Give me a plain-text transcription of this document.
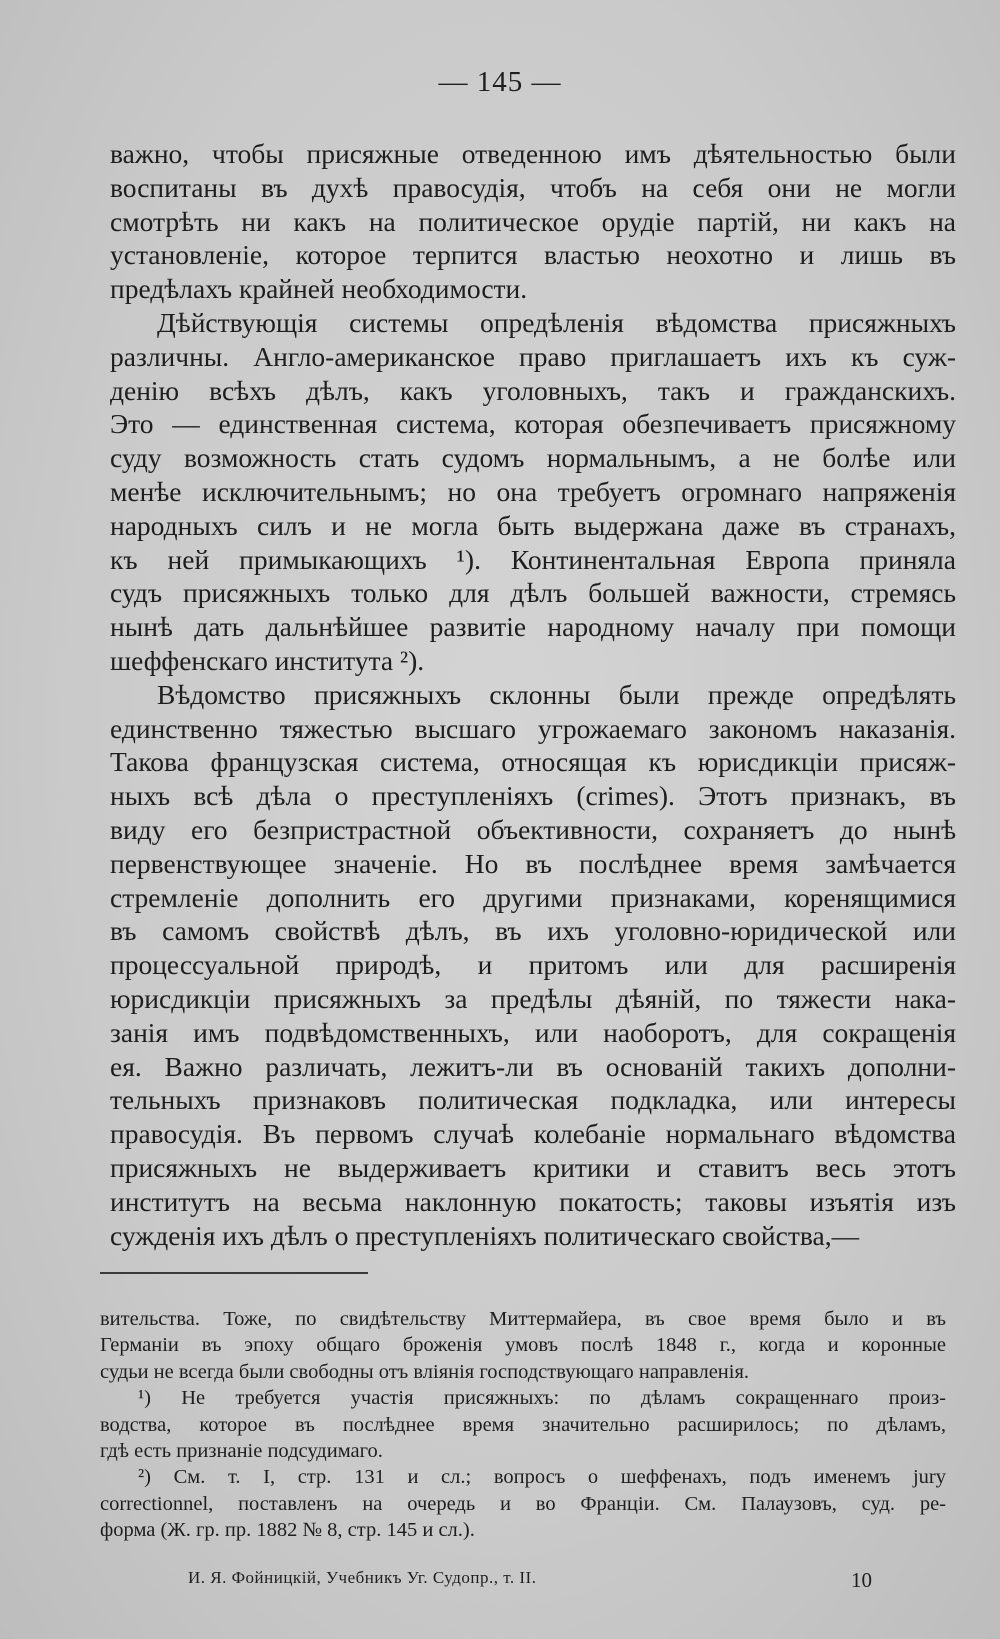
— 145 —

важно, чтобы присяжные отведенною имъ дѣятельностью были
воспитаны въ духѣ правосудія, чтобъ на себя они не могли
смотрѣть ни какъ на политическое орудіе партій, ни какъ на
установленіе, которое терпится властью неохотно и лишь въ
предѣлахъ крайней необходимости.

Дѣйствующія системы опредѣленія вѣдомства присяжныхъ
различны. Англо-американское право приглашаетъ ихъ къ суж-
денію всѣхъ дѣлъ, какъ уголовныхъ, такъ и гражданскихъ.
Это — единственная система, которая обезпечиваетъ присяжному
суду возможность стать судомъ нормальнымъ, а не болѣе или
менѣе исключительнымъ; но она требуетъ огромнаго напряженія
народныхъ силъ и не могла быть выдержана даже въ странахъ,
къ ней примыкающихъ ¹). Континентальная Европа приняла
судъ присяжныхъ только для дѣлъ большей важности, стремясь
нынѣ дать дальнѣйшее развитіе народному началу при помощи
шеффенскаго института ²).

Вѣдомство присяжныхъ склонны были прежде опредѣлять
единственно тяжестью высшаго угрожаемаго закономъ наказанія.
Такова французская система, относящая къ юрисдикціи присяж-
ныхъ всѣ дѣла о преступленіяхъ (crimes). Этотъ признакъ, въ
виду его безпристрастной объективности, сохраняетъ до нынѣ
первенствующее значеніе. Но въ послѣднее время замѣчается
стремленіе дополнить его другими признаками, коренящимися
въ самомъ свойствѣ дѣлъ, въ ихъ уголовно-юридической или
процессуальной природѣ, и притомъ или для расширенія
юрисдикціи присяжныхъ за предѣлы дѣяній, по тяжести нака-
занія имъ подвѣдомственныхъ, или наоборотъ, для сокращенія
ея. Важно различать, лежитъ-ли въ основаній такихъ дополни-
тельныхъ признаковъ политическая подкладка, или интересы
правосудія. Въ первомъ случаѣ колебаніе нормальнаго вѣдомства
присяжныхъ не выдерживаетъ критики и ставитъ весь этотъ
институтъ на весьма наклонную покатость; таковы изъятія изъ
сужденія ихъ дѣлъ о преступленіяхъ политическаго свойства,—

вительства. Тоже, по свидѣтельству Миттермайера, въ свое время было и въ
Германіи въ эпоху общаго броженія умовъ послѣ 1848 г., когда и коронные
судьи не всегда были свободны отъ вліянія господствующаго направленія.

¹) Не требуется участія присяжныхъ: по дѣламъ сокращеннаго произ-
водства, которое въ послѣднее время значительно расширилось; по дѣламъ,
гдѣ есть признаніе подсудимаго.

²) См. т. І, стр. 131 и сл.; вопросъ о шеффенахъ, подъ именемъ jury
correctionnel, поставленъ на очередь и во Франціи. См. Палаузовъ, суд. ре-
форма (Ж. гр. пр. 1882 № 8, стр. 145 и сл.).

И. Я. Фойницкій, Учебникъ Уг. Судопр., т. II.	10
